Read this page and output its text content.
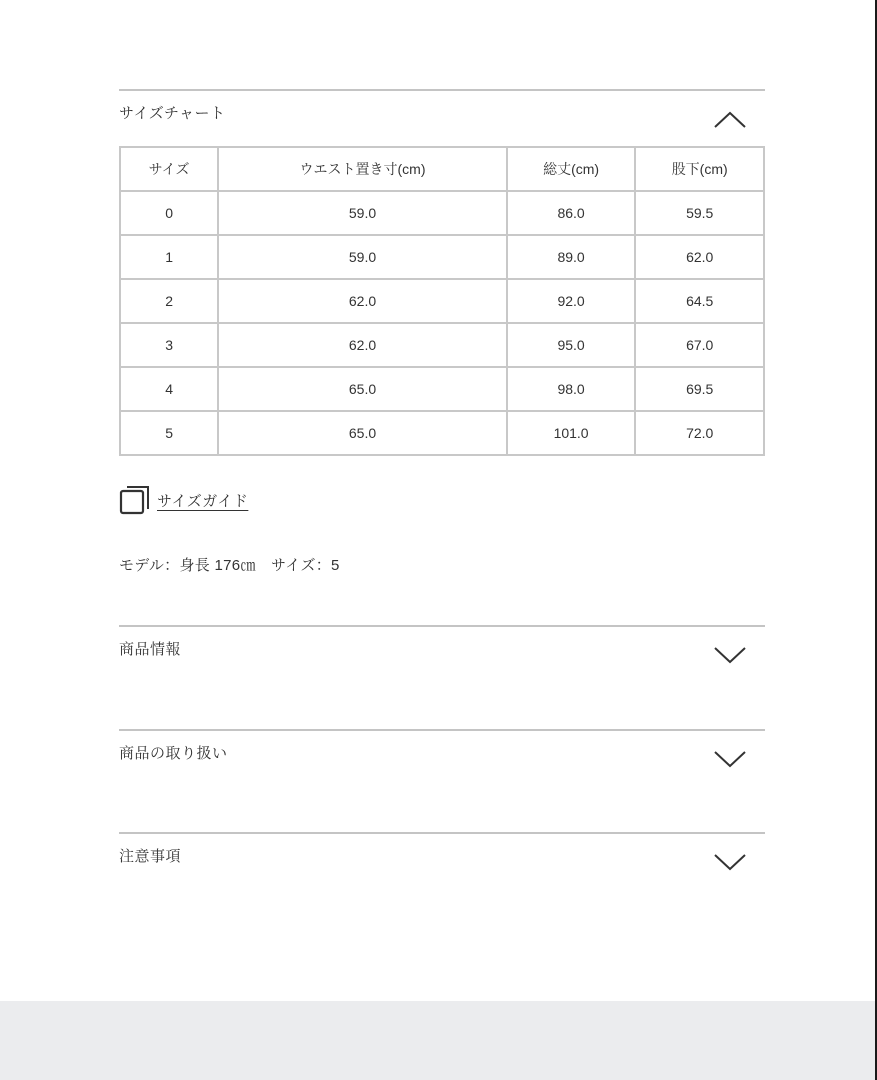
サイズチャート
サイズ	ウエスト置き寸(cm)	総丈(cm)	股下(cm)
0	59.0	86.0	59.5
1	59.0	89.0	62.0
2	62.0	92.0	64.5
3	62.0	95.0	67.0
4	65.0	98.0	69.5
5	65.0	101.0	72.0
サイズガイド
モデル：身長 176㎝　サイズ：5
商品情報
商品の取り扱い
注意事項
